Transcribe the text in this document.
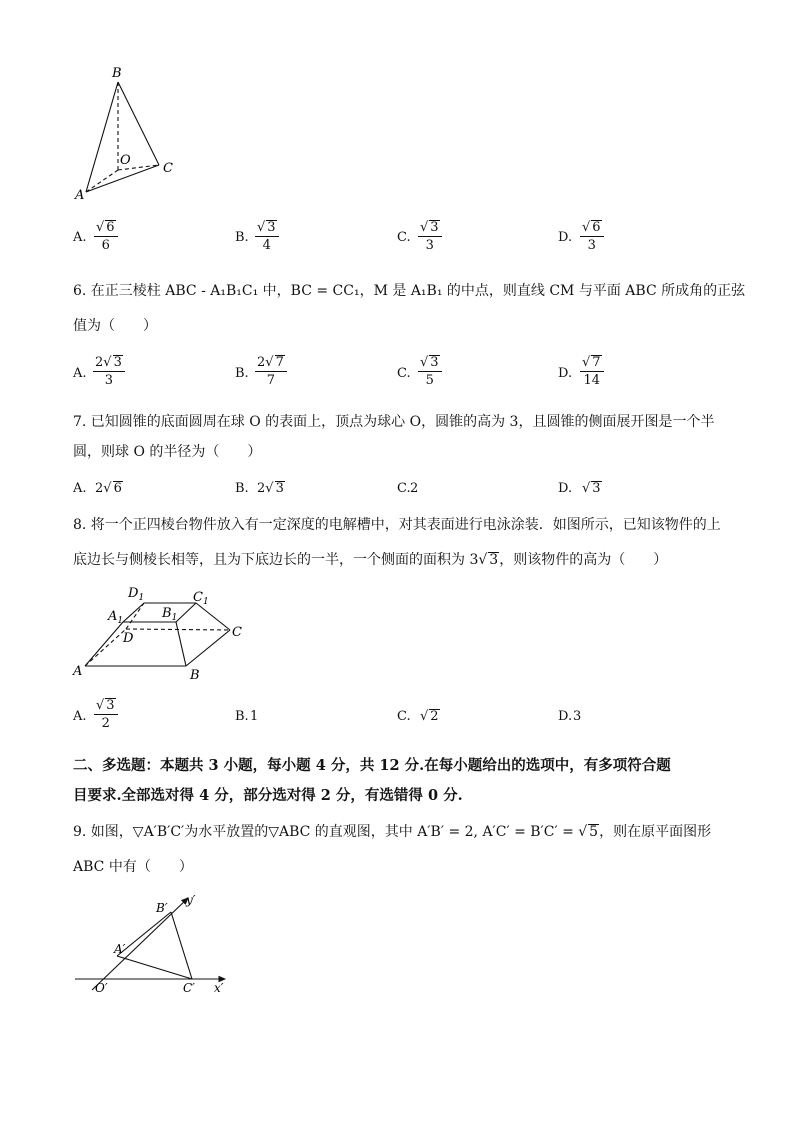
B
O
C
A
A. $\frac{√ 6}{6}$	B. $\frac{√ 3}{4}$	C. $\frac{√ 3}{3}$	D. $\frac{√ 6}{3}$
6. 在正三棱柱 ABC - A₁B₁C₁ 中，BC = CC₁，M 是 A₁B₁ 的中点，则直线 CM 与平面 ABC 所成角的正弦
值为（　　）
A. $\frac{2√ 3}{3}$	B. $\frac{2√ 7}{7}$	C. $\frac{√ 3}{5}$	D. $\frac{√ 7}{14}$
7. 已知圆锥的底面圆周在球 O 的表面上，顶点为球心 O，圆锥的高为 3，且圆锥的侧面展开图是一个半
圆，则球 O 的半径为（　　）
A. 2√ 6	B. 2√ 3	C. 2	D. √ 3
8. 将一个正四棱台物件放入有一定深度的电解槽中，对其表面进行电泳涂装．如图所示，已知该物件的上
底边长与侧棱长相等，且为下底边长的一半，一个侧面的面积为 3√ 3，则该物件的高为（　　）
$D_1$	$C_1$
$A_1$	$B_1$
D	C
A	B
A. $\frac{√ 3}{2}$	B. 1	C. √ 2	D. 3
二、多选题：本题共 3 小题，每小题 4 分，共 12 分.在每小题给出的选项中，有多项符合题
目要求.全部选对得 4 分，部分选对得 2 分，有选错得 0 分.
9. 如图，▽A′B′C′为水平放置的▽ABC 的直观图，其中 A′B′ = 2, A′C′ = B′C′ = √ 5，则在原平面图形
ABC 中有（　　）
B′
y′
A′
O′	C′ x′
